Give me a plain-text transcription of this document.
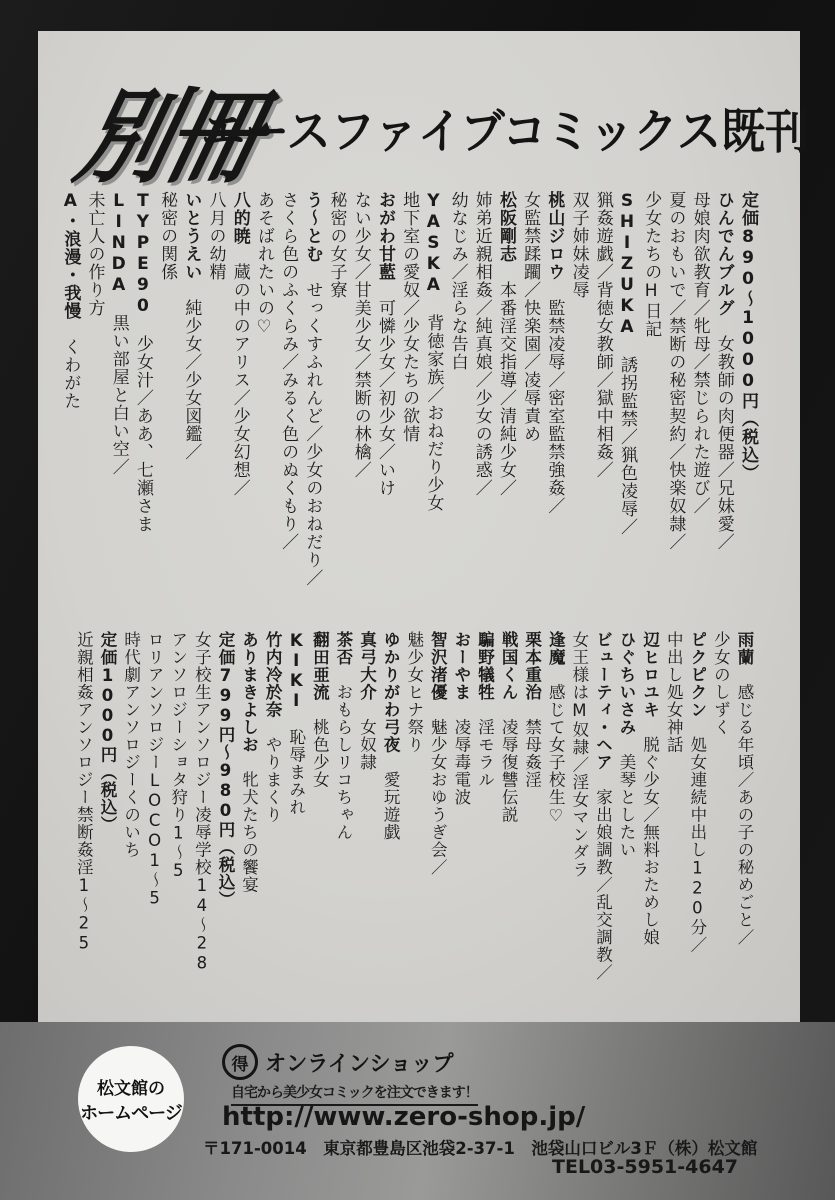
別冊
エースファイブコミックス既刊
定価890〜1000円（税込）
ひんでんブルグ　女教師の肉便器／兄妹愛／
母娘肉欲教育／牝母／禁じられた遊び／
夏のおもいで／禁断の秘密契約／快楽奴隷／
少女たちのH日記
SHIZUKA　誘拐監禁／猟色凌辱／
猟姦遊戯／背徳女教師／獄中相姦／
双子姉妹凌辱
桃山ジロウ　監禁凌辱／密室監禁強姦／
女監禁蹂躙／快楽園／凌辱責め
松阪剛志　本番淫交指導／清純少女／
姉弟近親相姦／純真娘／少女の誘惑／
幼なじみ／淫らな告白
YASKA　背徳家族／おねだり少女
地下室の愛奴／少女たちの欲情
おがわ甘藍　可憐少女／初少女／いけ
ない少女／甘美少女／禁断の林檎／
秘密の女子寮
う〜とむ　せっくすふれんど／少女のおねだり／
さくら色のふくらみ／みるく色のぬくもり／
あそばれたいの♡
八的暁　蔵の中のアリス／少女幻想／
八月の幼精
いとうえい　純少女／少女図鑑／
秘密の関係
TYPE90　少女汁／ああ、七瀬さま
LINDA　黒い部屋と白い空／
未亡人の作り方
A・浪漫・我慢　くわがた
雨蘭　感じる年頃／あの子の秘めごと／
少女のしずく
ピクピクン　処女連続中出し120分／
中出し処女神話
辺ヒロユキ　脱ぐ少女／無料おためし娘
ひぐちいさみ　美琴としたい
ビューティ・ヘア　家出娘調教／乱交調教／
女王様はM奴隷／淫女マンダラ
逢魔　感じて女子校生♡
栗本重治　禁母姦淫
戦国くん　凌辱復讐伝説
騙野犠牲　淫モラル
おーやま　凌辱毒電波
智沢渚優　魅少女おゆうぎ会／
魅少女ヒナ祭り
ゆかりがわ弓夜　愛玩遊戯
真弓大介　女奴隷
茶否　おもらしリコちゃん
翻田亜流　桃色少女
KIKI　恥辱まみれ
竹内冷於奈　やりまくり
ありまきよしお　牝犬たちの饗宴
定価799円〜980円（税込）
女子校生アンソロジー凌辱学校14〜28
アンソロジーショタ狩り1〜5
ロリアンソロジーLOCO1〜5
時代劇アンソロジーくのいち
定価1000円（税込）
近親相姦アンソロジー禁断姦淫1〜25
松文館の
ホームページ
得 オンラインショップ
自宅から美少女コミックを注文できます！
http://www.zero-shop.jp/
〒171-0014　東京都豊島区池袋2-37-1　池袋山口ビル3Ｆ（株）松文館
TEL03-5951-4647
